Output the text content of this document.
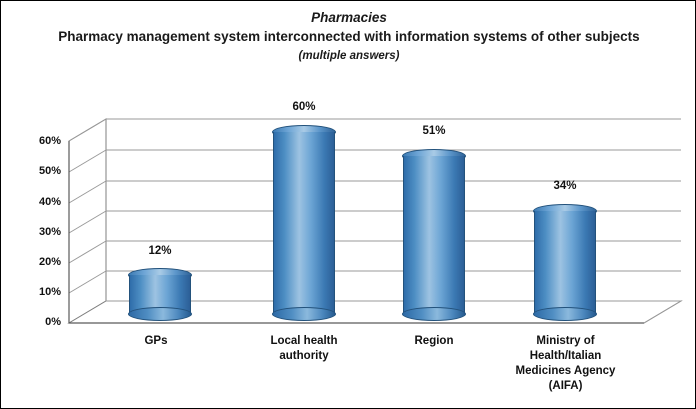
Pharmacies
Pharmacy management system interconnected with information systems of other subjects
(multiple answers)
0%
10%
20%
30%
40%
50%
60%
12%
60%
51%
34%
GPs	Local health
authority
Region	Ministry of
Health/Italian
Medicines Agency
(AIFA)
